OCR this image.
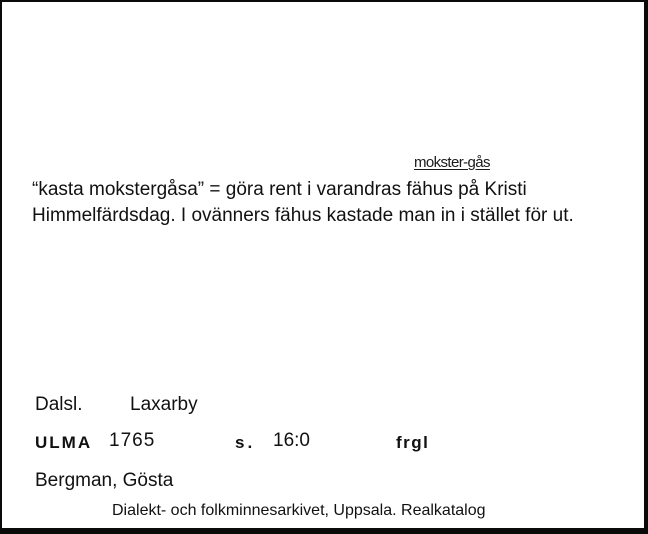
mokster-gås
“kasta mokstergåsa” = göra rent i varandras fähus på Kristi
Himmelfärdsdag. I ovänners fähus kastade man in i stället för ut.
Dalsl. Laxarby
ULMA 1765	s. 16:0	frgl
Bergman, Gösta
Dialekt- och folkminnesarkivet, Uppsala. Realkatalog
